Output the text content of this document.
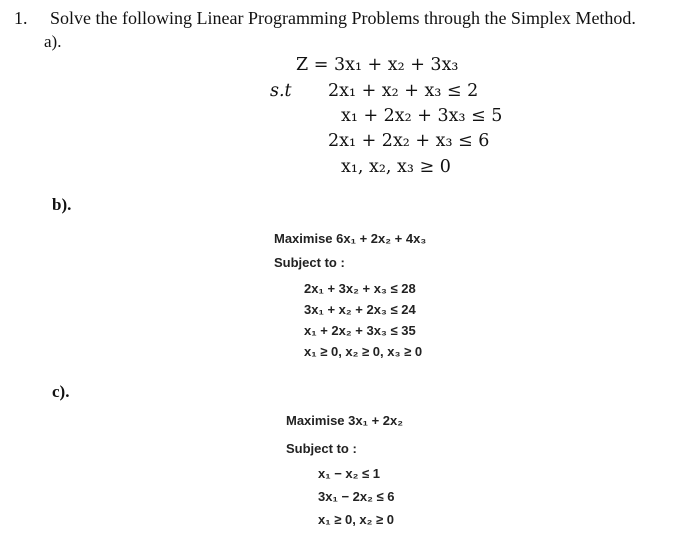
1. Solve the following Linear Programming Problems through the Simplex Method.
a).
Z = 3x₁ + x₂ + 3x₃
s.t 2x₁ + x₂ + x₃ ≤ 2
x₁ + 2x₂ + 3x₃ ≤ 5
2x₁ + 2x₂ + x₃ ≤ 6
x₁, x₂, x₃ ≥ 0
b).
Maximise 6x₁ + 2x₂ + 4x₃
Subject to :
2x₁ + 3x₂ + x₃ ≤ 28
3x₁ + x₂ + 2x₃ ≤ 24
x₁ + 2x₂ + 3x₃ ≤ 35
x₁ ≥ 0, x₂ ≥ 0, x₃ ≥ 0
c).
Maximise 3x₁ + 2x₂
Subject to :
x₁ − x₂ ≤ 1
3x₁ − 2x₂ ≤ 6
x₁ ≥ 0, x₂ ≥ 0
